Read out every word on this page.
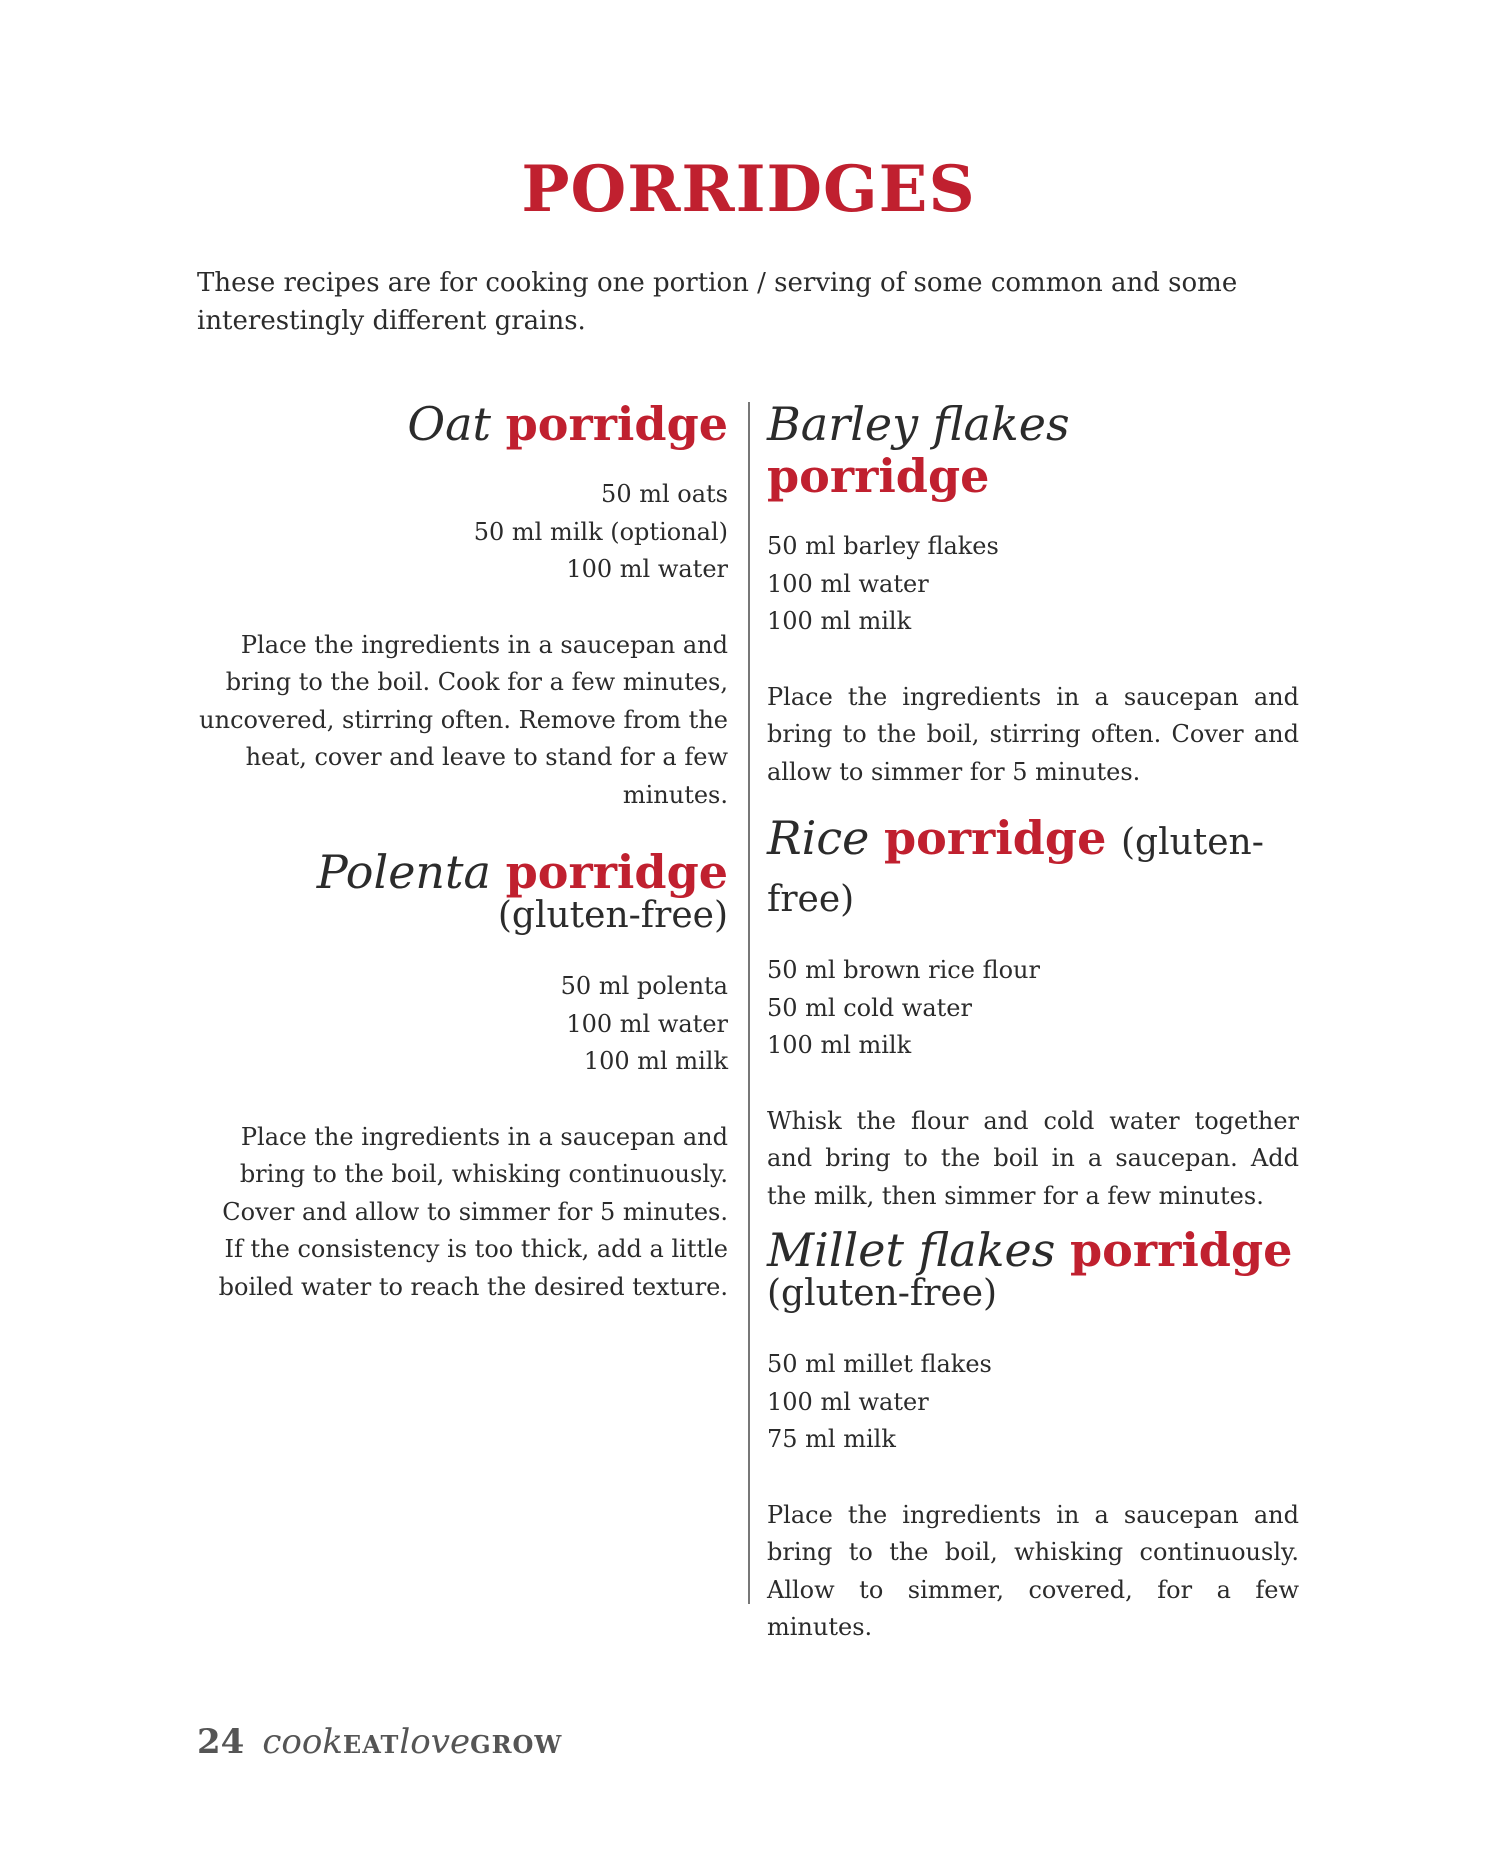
PORRIDGES
These recipes are for cooking one portion / serving of some common and some interestingly different grains.
Oat porridge
50 ml oats
50 ml milk (optional)
100 ml water

Place the ingredients in a saucepan and bring to the boil. Cook for a few minutes, uncovered, stirring often. Remove from the heat, cover and leave to stand for a few minutes.

Polenta porridge
(gluten-free)
50 ml polenta
100 ml water
100 ml milk

Place the ingredients in a saucepan and bring to the boil, whisking continuously. Cover and allow to simmer for 5 minutes. If the consistency is too thick, add a little boiled water to reach the desired texture.

Barley flakes porridge
50 ml barley flakes
100 ml water
100 ml milk

Place the ingredients in a saucepan and bring to the boil, stirring often. Cover and allow to simmer for 5 minutes.

Rice porridge (gluten-free)
50 ml brown rice flour
50 ml cold water
100 ml milk

Whisk the flour and cold water together and bring to the boil in a saucepan. Add the milk, then simmer for a few minutes.

Millet flakes porridge
(gluten-free)
50 ml millet flakes
100 ml water
75 ml milk

Place the ingredients in a saucepan and bring to the boil, whisking continuously. Allow to simmer, covered, for a few minutes.

24 cookeatlovegrow
